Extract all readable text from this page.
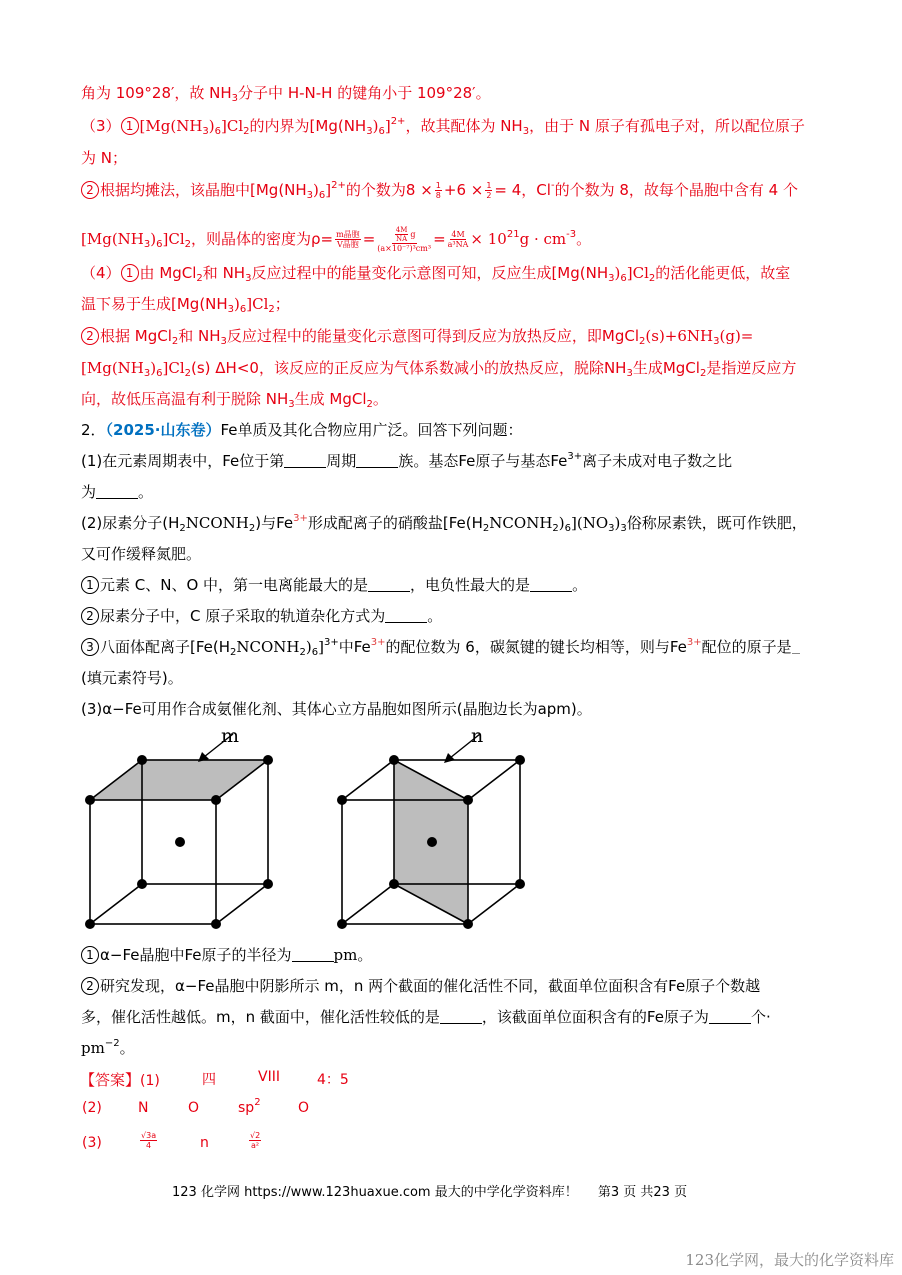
角为 109°28′，故 $NH_3$分子中 H-N-H 的键角小于 109°28′。
（3） 1 $[Mg(NH_3)_6]Cl_2$的内界为$[Mg(NH_3)_6]^{2+}$，故其配体为 $NH_3$，由于 N 原子有孤电子对，所以配位原子
为 N；
2 根据均摊法，该晶胞中$[Mg(NH_3)_6]^{2+}$的个数为$8 \times \frac{1}{8} +6 \times \frac{1}{2} = 4$，Cl-的个数为 8，故每个晶胞中含有 4 个
$[Mg(NH_3)_6]Cl_2$，则晶体的密度为$\rho= \frac{\text{m晶胞}}{\text{V晶胞}} = \frac{\frac{4M}{NA} g}{\text{(a×10⁻⁷)³cm³}} = \frac{4M}{\text{a³NA}} \times 10^{21}g \cdot cm^{-3}$。
（4） 1 由 MgCl$_2$和 $NH_3$反应过程中的能量变化示意图可知，反应生成$[Mg(NH_3)_6]Cl_2$的活化能更低，故室
温下易于生成$[Mg(NH_3)_6]Cl_2$；
2 根据 MgCl$_2$和 $NH_3$反应过程中的能量变化示意图可得到反应为放热反应，即$MgCl_2(s)+6NH_3(g)=$
$[Mg(NH_3)_6]Cl_2(s)$ ΔH<0，该反应的正反应为气体系数减小的放热反应，脱除$NH_3$生成MgCl$_2$是指逆反应方
向，故低压高温有利于脱除 $NH_3$生成 MgCl$_2$。
2．（2025·山东卷）Fe单质及其化合物应用广泛。回答下列问题：
(1)在元素周期表中，Fe位于第	周期	族。基态Fe原子与基态$Fe^{3+}$离子未成对电子数之比
为	。
(2)尿素分子$(H_2NCONH_2)$与$Fe^{3+}$形成配离子的硝酸盐$[Fe(H_2NCONH_2)_6](NO_3)_3$俗称尿素铁，既可作铁肥，
又可作缓释氮肥。
1 元素 C、N、O 中，第一电离能最大的是	，电负性最大的是	。
2 尿素分子中，C 原子采取的轨道杂化方式为	。
3 八面体配离子$[Fe(H_2NCONH_2)_6]^{3+}$中$Fe^{3+}$的配位数为 6，碳氮键的键长均相等，则与$Fe^{3+}$配位的原子是
(填元素符号)。
(3)α−Fe可用作合成氨催化剂、其体心立方晶胞如图所示(晶胞边长为apm)。
m	n
1 α−Fe晶胞中Fe原子的半径为	pm。
2 研究发现，α−Fe晶胞中阴影所示 m，n 两个截面的催化活性不同，截面单位面积含有Fe原子个数越
多，催化活性越低。m，n 截面中，催化活性较低的是	，该截面单位面积含有的Fe原子为	个·
$pm^{-2}$。
【答案】(1)	四	VIII	4：5
(2)	N	O	$sp^2$	O
(3)	$\frac{√3a}{4}$	n	$\frac{√2}{\text{a²}}$
123 化学网 https://www.123huaxue.com 最大的中学化学资料库！ 第3 页 共23 页
123化学网，最大的化学资料库
